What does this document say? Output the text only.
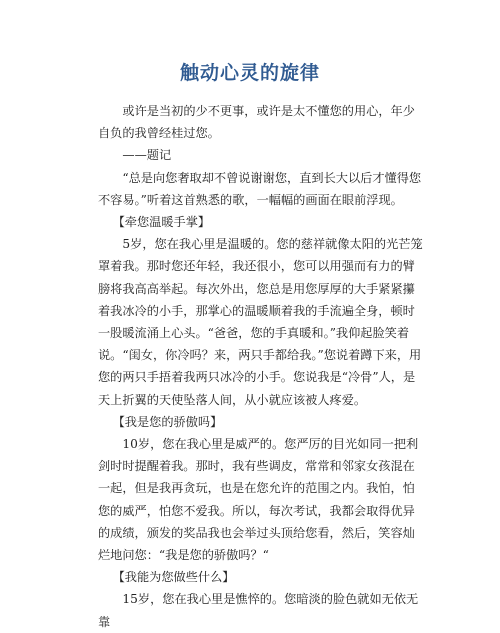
触动心灵的旋律

或许是当初的少不更事，或许是太不懂您的用心，年少自负的我曾经桂过您。

——题记

“总是向您奢取却不曾说谢谢您，直到长大以后才懂得您不容易。”听着这首熟悉的歌，一幅幅的画面在眼前浮现。

【牵您温暖手掌】

5岁，您在我心里是温暖的。您的慈祥就像太阳的光芒笼罩着我。那时您还年轻，我还很小，您可以用强而有力的臂膀将我高高举起。每次外出，您总是用您厚厚的大手紧紧攥着我冰冷的小手，那掌心的温暖顺着我的手流遍全身，顿时一股暖流涌上心头。“爸爸，您的手真暖和。”我仰起脸笑着说。“闺女，你冷吗？来，两只手都给我。”您说着蹲下来，用您的两只手捂着我两只冰冷的小手。您说我是“冷骨”人，是天上折翼的天使坠落人间，从小就应该被人疼爱。

【我是您的骄傲吗】

10岁，您在我心里是威严的。您严厉的目光如同一把利剑时时提醒着我。那时，我有些调皮，常常和邻家女孩混在一起，但是我再贪玩，也是在您允许的范围之内。我怕，怕您的威严，怕您不爱我。所以，每次考试，我都会取得优异的成绩，颁发的奖品我也会举过头顶给您看，然后，笑容灿烂地问您：“我是您的骄傲吗？“

【我能为您做些什么】

15岁，您在我心里是憔悴的。您暗淡的脸色就如无依无靠
